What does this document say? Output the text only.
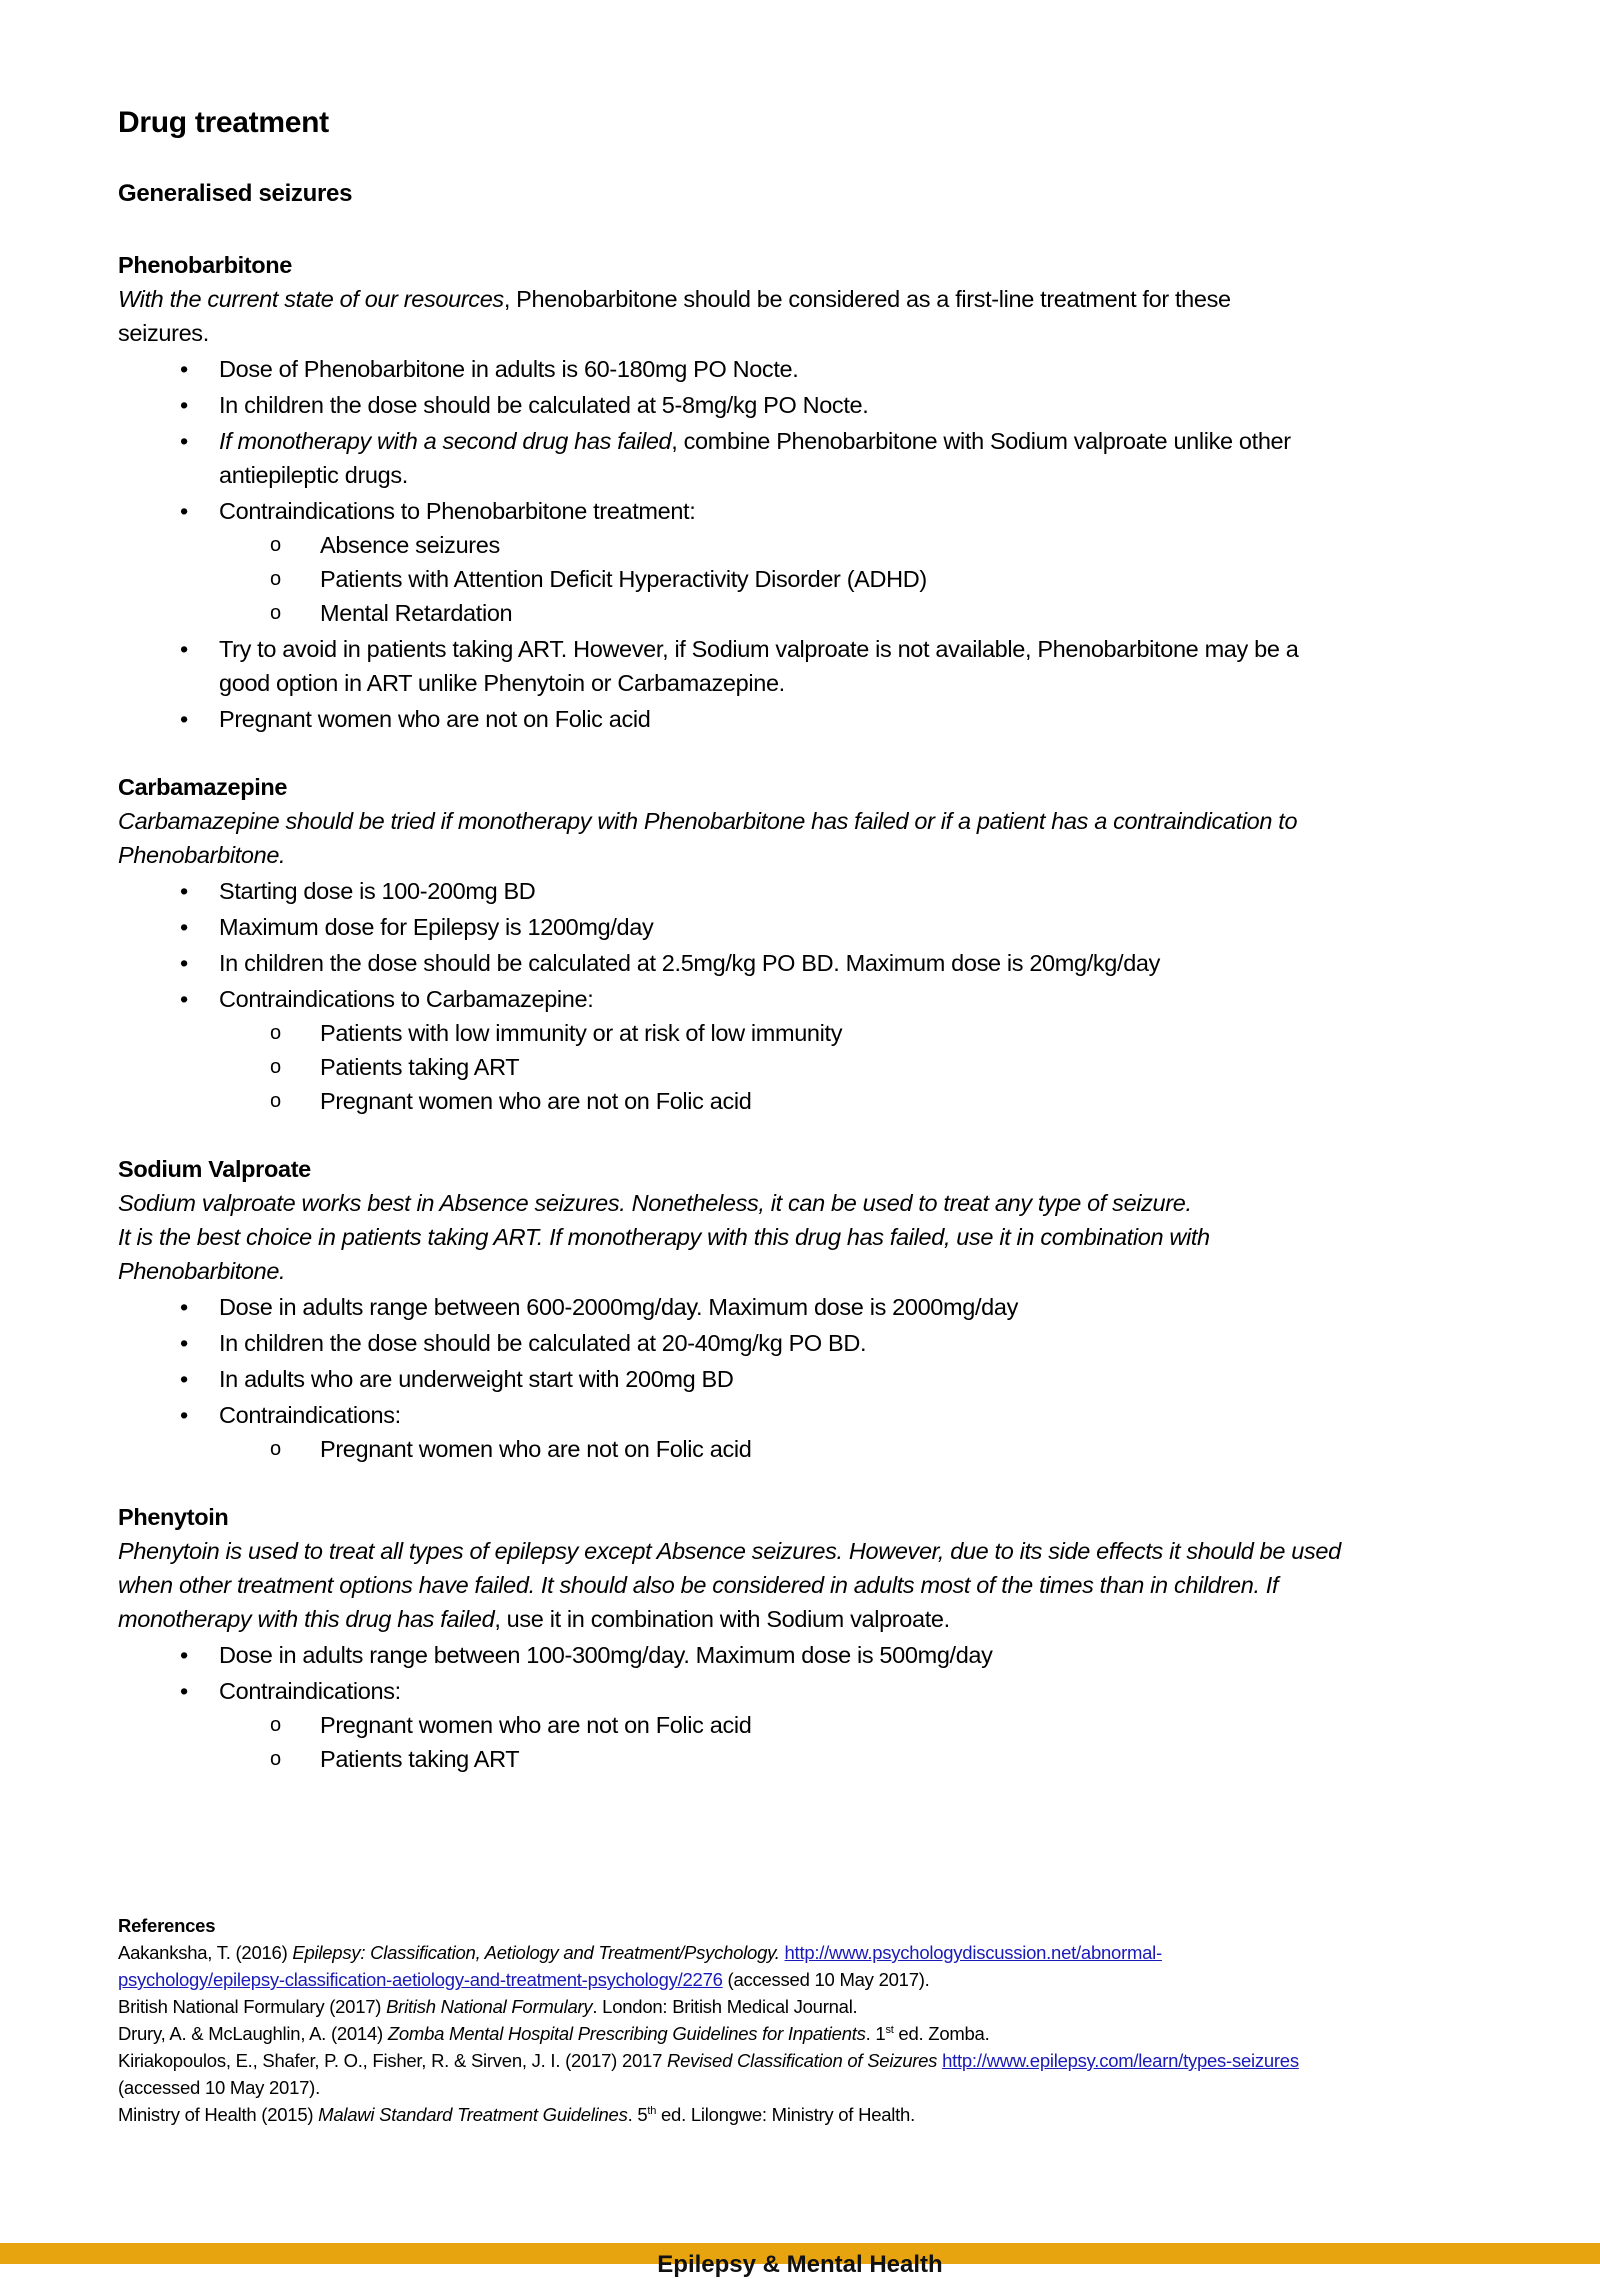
Drug treatment
Generalised seizures
Phenobarbitone
With the current state of our resources, Phenobarbitone should be considered as a first-line treatment for these
seizures.
• Dose of Phenobarbitone in adults is 60-180mg PO Nocte.
• In children the dose should be calculated at 5-8mg/kg PO Nocte.
• If monotherapy with a second drug has failed, combine Phenobarbitone with Sodium valproate unlike other
antiepileptic drugs.
• Contraindications to Phenobarbitone treatment:
o Absence seizures
o Patients with Attention Deficit Hyperactivity Disorder (ADHD)
o Mental Retardation
• Try to avoid in patients taking ART. However, if Sodium valproate is not available, Phenobarbitone may be a
good option in ART unlike Phenytoin or Carbamazepine.
• Pregnant women who are not on Folic acid
Carbamazepine
Carbamazepine should be tried if monotherapy with Phenobarbitone has failed or if a patient has a contraindication to
Phenobarbitone.
• Starting dose is 100-200mg BD
• Maximum dose for Epilepsy is 1200mg/day
• In children the dose should be calculated at 2.5mg/kg PO BD. Maximum dose is 20mg/kg/day
• Contraindications to Carbamazepine:
o Patients with low immunity or at risk of low immunity
o Patients taking ART
o Pregnant women who are not on Folic acid
Sodium Valproate
Sodium valproate works best in Absence seizures. Nonetheless, it can be used to treat any type of seizure.
It is the best choice in patients taking ART. If monotherapy with this drug has failed, use it in combination with
Phenobarbitone.
• Dose in adults range between 600-2000mg/day. Maximum dose is 2000mg/day
• In children the dose should be calculated at 20-40mg/kg PO BD.
• In adults who are underweight start with 200mg BD
• Contraindications:
o Pregnant women who are not on Folic acid
Phenytoin
Phenytoin is used to treat all types of epilepsy except Absence seizures. However, due to its side effects it should be used
when other treatment options have failed. It should also be considered in adults most of the times than in children. If
monotherapy with this drug has failed, use it in combination with Sodium valproate.
• Dose in adults range between 100-300mg/day. Maximum dose is 500mg/day
• Contraindications:
o Pregnant women who are not on Folic acid
o Patients taking ART
References
Aakanksha, T. (2016) Epilepsy: Classification, Aetiology and Treatment/Psychology. http://www.psychologydiscussion.net/abnormal-
psychology/epilepsy-classification-aetiology-and-treatment-psychology/2276 (accessed 10 May 2017).
British National Formulary (2017) British National Formulary. London: British Medical Journal.
Drury, A. & McLaughlin, A. (2014) Zomba Mental Hospital Prescribing Guidelines for Inpatients. 1st ed. Zomba.
Kiriakopoulos, E., Shafer, P. O., Fisher, R. & Sirven, J. I. (2017) 2017 Revised Classification of Seizures http://www.epilepsy.com/learn/types-seizures
(accessed 10 May 2017).
Ministry of Health (2015) Malawi Standard Treatment Guidelines. 5th ed. Lilongwe: Ministry of Health.
Epilepsy & Mental Health
